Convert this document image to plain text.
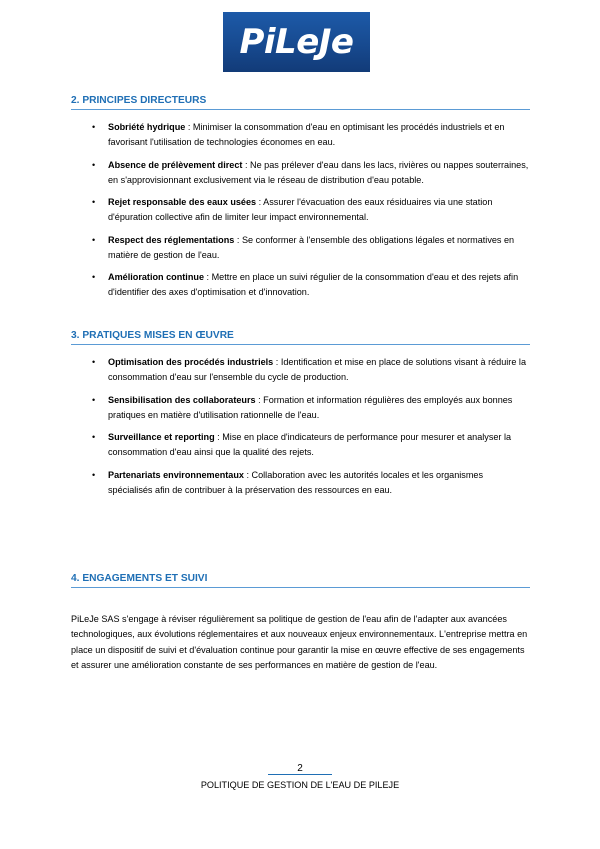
PiLeJe
2. PRINCIPES DIRECTEURS
• Sobriété hydrique : Minimiser la consommation d'eau en optimisant les procédés industriels et en favorisant l'utilisation de technologies économes en eau.
• Absence de prélèvement direct : Ne pas prélever d'eau dans les lacs, rivières ou nappes souterraines, en s'approvisionnant exclusivement via le réseau de distribution d'eau potable.
• Rejet responsable des eaux usées : Assurer l'évacuation des eaux résiduaires via une station d'épuration collective afin de limiter leur impact environnemental.
• Respect des réglementations : Se conformer à l'ensemble des obligations légales et normatives en matière de gestion de l'eau.
• Amélioration continue : Mettre en place un suivi régulier de la consommation d'eau et des rejets afin d'identifier des axes d'optimisation et d'innovation.
3. PRATIQUES MISES EN ŒUVRE
• Optimisation des procédés industriels : Identification et mise en place de solutions visant à réduire la consommation d'eau sur l'ensemble du cycle de production.
• Sensibilisation des collaborateurs : Formation et information régulières des employés aux bonnes pratiques en matière d'utilisation rationnelle de l'eau.
• Surveillance et reporting : Mise en place d'indicateurs de performance pour mesurer et analyser la consommation d'eau ainsi que la qualité des rejets.
• Partenariats environnementaux : Collaboration avec les autorités locales et les organismes spécialisés afin de contribuer à la préservation des ressources en eau.
4. ENGAGEMENTS ET SUIVI

PiLeJe SAS s'engage à réviser régulièrement sa politique de gestion de l'eau afin de l'adapter aux avancées technologiques, aux évolutions réglementaires et aux nouveaux enjeux environnementaux. L'entreprise mettra en place un dispositif de suivi et d'évaluation continue pour garantir la mise en œuvre effective de ses engagements et assurer une amélioration constante de ses performances en matière de gestion de l'eau.

2
POLITIQUE DE GESTION DE L'EAU DE PILEJE
